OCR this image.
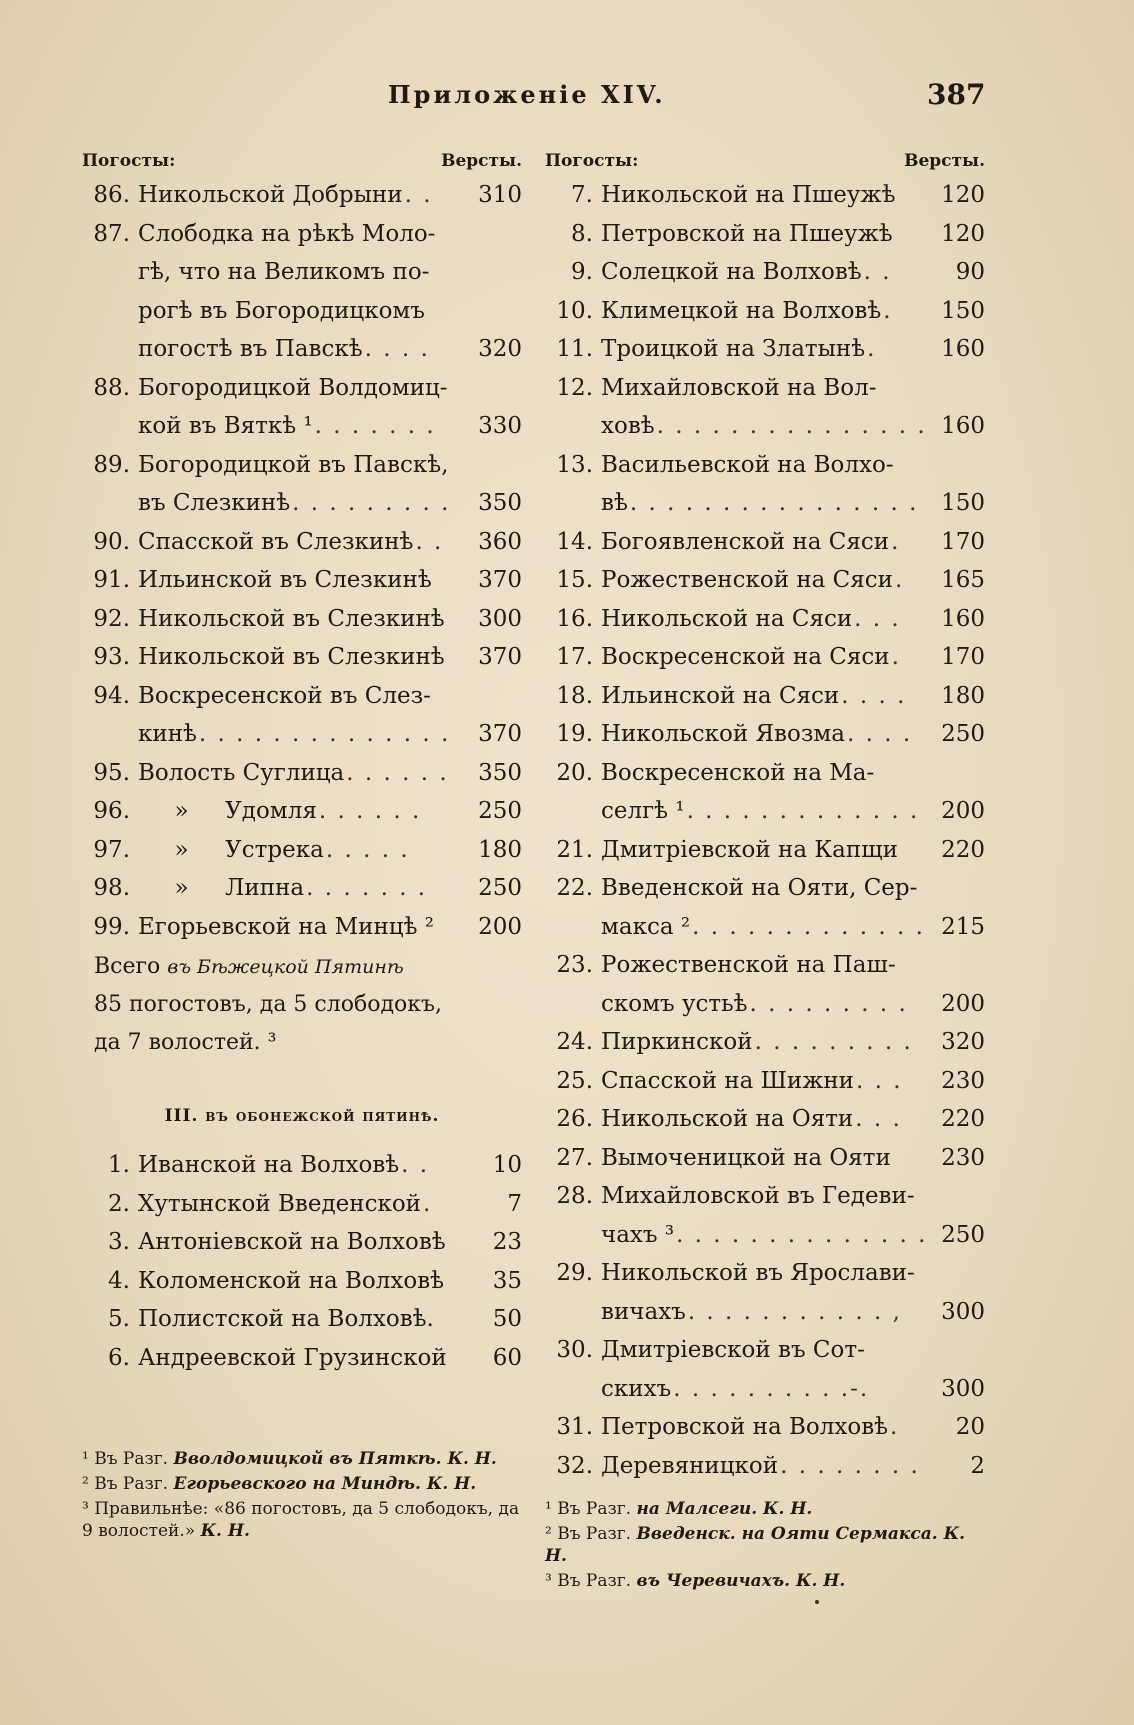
Приложеніе XIV.	387
Погосты:	Версты.
86. Никольской Добрыни . .	310
87. Слободка на рѣкѣ Моло-
гѣ, что на Великомъ по-
рогѣ въ Богородицкомъ
погостѣ въ Павскѣ . . . .	320
88. Богородицкой Волдомиц-
кой въ Вяткѣ ¹ . . . . . . .	330
89. Богородицкой въ Павскѣ,
въ Слезкинѣ . . . . . . . . .	350
90. Спасской въ Слезкинѣ . .	360
91. Ильинской въ Слезкинѣ 370
92. Никольской въ Слезкинѣ 300
93. Никольской въ Слезкинѣ 370
94. Воскресенской въ Слез-
кинѣ . . . . . . . . . . . . . .	370
95. Волость Суглица . . . . . .	350
96. »     Удомля . . . . . .	250
97. »     Устрека . . . . .	180
98. »     Липна . . . . . . .	250
99. Егорьевской на Минцѣ ² 200
Всего въ Бѣжецкой Пятинѣ
85 погостовъ, да 5 слободокъ,
да 7 волостей. ³
III. въ обонежской пятинѣ.
1. Иванской на Волховѣ . .	10
2. Хутынской Введенской .	7
3. Антоніевской на Волховѣ	23
4. Коломенской на Волховѣ	35
5. Полистской на Волховѣ.	50
6. Андреевской Грузинской	60
Погосты:	Версты.
7. Никольской на Пшеужѣ 120
8. Петровской на Пшеужѣ 120
9. Солецкой на Волховѣ . .	90
10. Климецкой на Волховѣ .	150
11. Троицкой на Златынѣ .	160
12. Михайловской на Вол-
ховѣ . . . . . . . . . . . . . . . 160
13. Васильевской на Волхо-
вѣ . . . . . . . . . . . . . . . . 150
14. Богоявленской на Сяси .	170
15. Рожественской на Сяси .	165
16. Никольской на Сяси . . .	160
17. Воскресенской на Сяси .	170
18. Ильинской на Сяси . . . .	180
19. Никольской Явозма . . . .	250
20. Воскресенской на Ма-
селгѣ ¹ . . . . . . . . . . . . . 200
21. Дмитріевской на Капщи 220
22. Введенской на Ояти, Сер-
макса ² . . . . . . . . . . . . . 215
23. Рожественской на Паш-
скомъ устьѣ . . . . . . . . .	200
24. Пиркинской . . . . . . . . .	320
25. Спасской на Шижни . . .	230
26. Никольской на Ояти . . .	220
27. Вымоченицкой на Ояти 230
28. Михайловской въ Гедеви-
чахъ ³ . . . . . . . . . . . . . . 250
29. Никольской въ Ярослави-
вичахъ . . . . . . . . . . . ,	300
30. Дмитріевской въ Сот-
скихъ . . . . . . . . . .-.	300
31. Петровской на Волховѣ .	20
32. Деревяницкой . . . . . . . .	2
¹ Въ Разг. Вволдомицкой въ Пяткѣ. К. Н.
² Въ Разг. Егорьевского на Миндѣ. К. Н.
³ Правильнѣе: «86 погостовъ, да 5 слободокъ, да 9 волостей.» К. Н.
¹ Въ Разг. на Малсеги. К. Н.
² Въ Разг. Введенск. на Ояти Сермакса. К. Н.
³ Въ Разг. въ Черевичахъ. К. Н.
